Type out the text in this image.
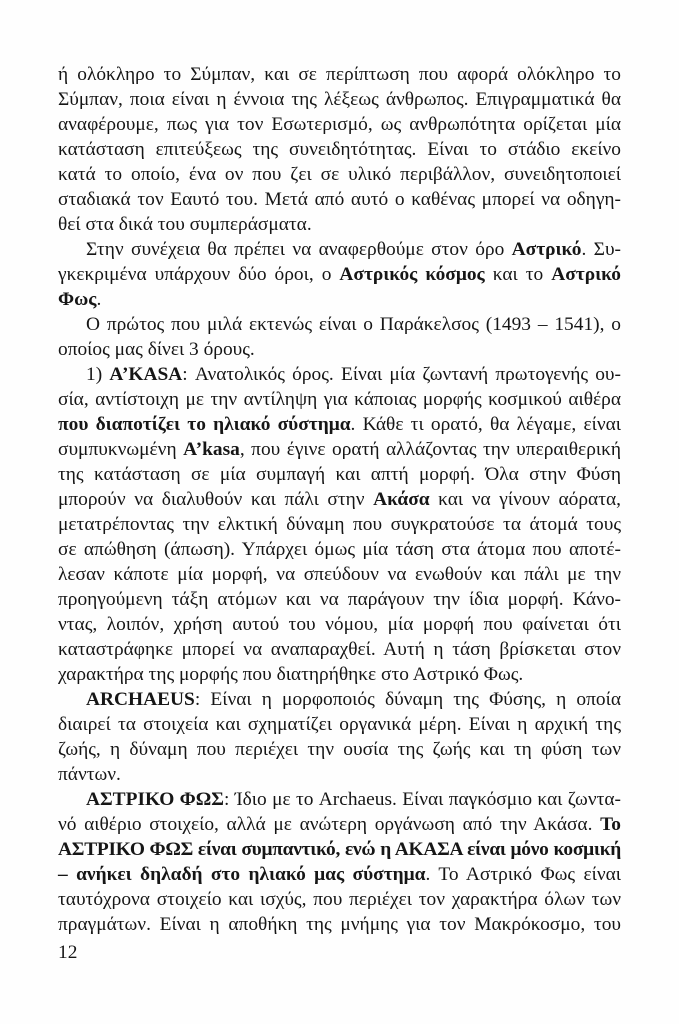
ή ολόκληρο το Σύμπαν, και σε περίπτωση που αφορά ολόκληρο το
Σύμπαν, ποια είναι η έννοια της λέξεως άνθρωπος. Επιγραμματικά θα
αναφέρουμε, πως για τον Εσωτερισμό, ως ανθρωπότητα ορίζεται μία
κατάσταση επιτεύξεως της συνειδητότητας. Είναι το στάδιο εκείνο
κατά το οποίο, ένα ον που ζει σε υλικό περιβάλλον, συνειδητοποιεί
σταδιακά τον Εαυτό του. Μετά από αυτό ο καθένας μπορεί να οδηγη-
θεί στα δικά του συμπεράσματα.
Στην συνέχεια θα πρέπει να αναφερθούμε στον όρο Αστρικό. Συ-
γκεκριμένα υπάρχουν δύο όροι, ο Αστρικός κόσμος και το Αστρικό
Φως.
Ο πρώτος που μιλά εκτενώς είναι ο Παράκελσος (1493 – 1541), ο
οποίος μας δίνει 3 όρους.
1) A’KASA: Ανατολικός όρος. Είναι μία ζωντανή πρωτογενής ου-
σία, αντίστοιχη με την αντίληψη για κάποιας μορφής κοσμικού αιθέρα
που διαποτίζει το ηλιακό σύστημα. Κάθε τι ορατό, θα λέγαμε, είναι
συμπυκνωμένη A’kasa, που έγινε ορατή αλλάζοντας την υπεραιθερική
της κατάσταση σε μία συμπαγή και απτή μορφή. Όλα στην Φύση
μπορούν να διαλυθούν και πάλι στην Ακάσα και να γίνουν αόρατα,
μετατρέποντας την ελκτική δύναμη που συγκρατούσε τα άτομά τους
σε απώθηση (άπωση). Υπάρχει όμως μία τάση στα άτομα που αποτέ-
λεσαν κάποτε μία μορφή, να σπεύδουν να ενωθούν και πάλι με την
προηγούμενη τάξη ατόμων και να παράγουν την ίδια μορφή. Κάνο-
ντας, λοιπόν, χρήση αυτού του νόμου, μία μορφή που φαίνεται ότι
καταστράφηκε μπορεί να αναπαραχθεί. Αυτή η τάση βρίσκεται στον
χαρακτήρα της μορφής που διατηρήθηκε στο Αστρικό Φως.
ARCHAEUS: Είναι η μορφοποιός δύναμη της Φύσης, η οποία
διαιρεί τα στοιχεία και σχηματίζει οργανικά μέρη. Είναι η αρχική της
ζωής, η δύναμη που περιέχει την ουσία της ζωής και τη φύση των
πάντων.
ΑΣΤΡΙΚΟ ΦΩΣ: Ίδιο με το Archaeus. Είναι παγκόσμιο και ζωντα-
νό αιθέριο στοιχείο, αλλά με ανώτερη οργάνωση από την Ακάσα. Το
ΑΣΤΡΙΚΟ ΦΩΣ είναι συμπαντικό, ενώ η ΑΚΑΣΑ είναι μόνο κοσμική
– ανήκει δηλαδή στο ηλιακό μας σύστημα. Το Αστρικό Φως είναι
ταυτόχρονα στοιχείο και ισχύς, που περιέχει τον χαρακτήρα όλων των
πραγμάτων. Είναι η αποθήκη της μνήμης για τον Μακρόκοσμο, του
12
